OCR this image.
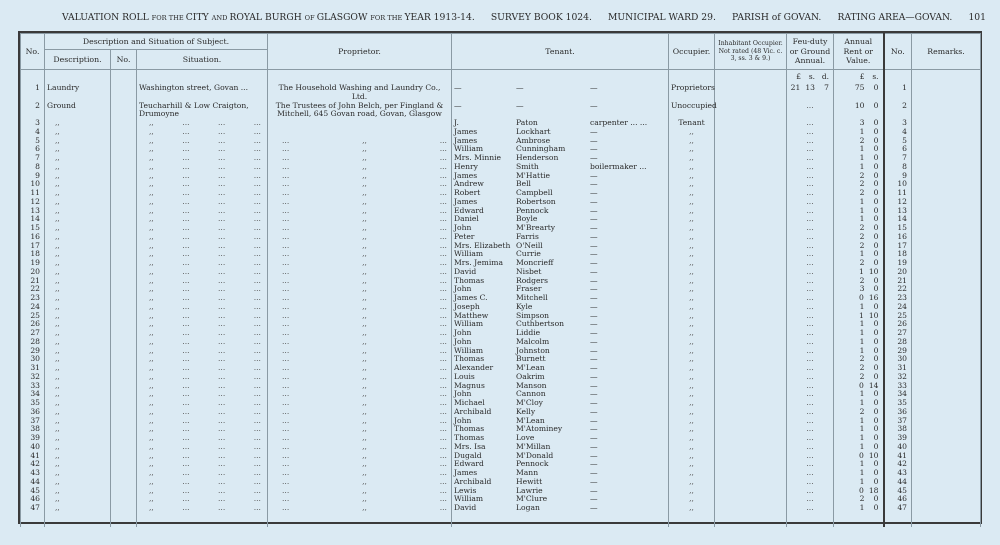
VALUATION ROLL FOR THE CITY AND ROYAL BURGH OF GLASGOW FOR THE YEAR 1913-14. SURVEY BOOK 1024. MUNICIPAL WARD 29. PARISH of GOVAN. RATING AREA—GOVAN. 101
No.	Description and Situation of Subject.			Proprietor.	Tenant.	Occupier.	Inhabitant Occupier. Not rated (48 Vic. c. 3, ss. 3 & 9.)	Feu-duty or Ground Annual.	Annual Rent or Value.	No.	Remarks.
	Description.	No.	Situation.								

								£ s. d.	£ s.		

1	Laundry		Washington street, Govan ...	The Household Washing and Laundry Co., Ltd.	— — —	Proprietors		21 13 7	75 0	1	
2	Ground		Teucharhill & Low Craigton, Drumoyne	The Trustees of John Belch, per Fingland & Mitchell, 645 Govan road, Govan, Glasgow	— — —	Unoccupied		...	10 0	2	
3	,,		,, ... ... ...		J. Paton carpenter ... ...	Tenant		...	3 0	3	
4	,,		,, ... ... ...		James Lockhart —	,,		...	1 0	4	
5	,,		,, ... ... ...	... ,, ...	James Ambrose —	,,		...	2 0	5	
6	,,		,, ... ... ...	... ,, ...	William Cunningham —	,,		...	1 0	6	
7	,,		,, ... ... ...	... ,, ...	Mrs. Minnie Henderson —	,,		...	1 0	7	
8	,,		,, ... ... ...	... ,, ...	Henry Smith boilermaker ...	,,		...	1 0	8	
9	,,		,, ... ... ...	... ,, ...	James M'Hattie —	,,		...	2 0	9	
10	,,		,, ... ... ...	... ,, ...	Andrew Bell —	,,		...	2 0	10	
11	,,		,, ... ... ...	... ,, ...	Robert Campbell —	,,		...	2 0	11	
12	,,		,, ... ... ...	... ,, ...	James Robertson —	,,		...	1 0	12	
13	,,		,, ... ... ...	... ,, ...	Edward Pennock —	,,		...	1 0	13	
14	,,		,, ... ... ...	... ,, ...	Daniel Boyle —	,,		...	1 0	14	
15	,,		,, ... ... ...	... ,, ...	John M'Brearty —	,,		...	2 0	15	
16	,,		,, ... ... ...	... ,, ...	Peter Farris —	,,		...	2 0	16	
17	,,		,, ... ... ...	... ,, ...	Mrs. Elizabeth O'Neill —	,,		...	2 0	17	
18	,,		,, ... ... ...	... ,, ...	William Currie —	,,		...	1 0	18	
19	,,		,, ... ... ...	... ,, ...	Mrs. Jemima Moncrieff —	,,		...	2 0	19	
20	,,		,, ... ... ...	... ,, ...	David Nisbet —	,,		...	1 10	20	
21	,,		,, ... ... ...	... ,, ...	Thomas Rodgers —	,,		...	2 0	21	
22	,,		,, ... ... ...	... ,, ...	John Fraser —	,,		...	3 0	22	
23	,,		,, ... ... ...	... ,, ...	James C. Mitchell —	,,		...	0 16	23	
24	,,		,, ... ... ...	... ,, ...	Joseph Kyle —	,,		...	1 0	24	
25	,,		,, ... ... ...	... ,, ...	Matthew Simpson —	,,		...	1 10	25	
26	,,		,, ... ... ...	... ,, ...	William Cuthbertson —	,,		...	1 0	26	
27	,,		,, ... ... ...	... ,, ...	John Liddie —	,,		...	1 0	27	
28	,,		,, ... ... ...	... ,, ...	John Malcolm —	,,		...	1 0	28	
29	,,		,, ... ... ...	... ,, ...	William Johnston —	,,		...	1 0	29	
30	,,		,, ... ... ...	... ,, ...	Thomas Burnett —	,,		...	2 0	30	
31	,,		,, ... ... ...	... ,, ...	Alexander M'Lean —	,,		...	2 0	31	
32	,,		,, ... ... ...	... ,, ...	Louis Oakrim —	,,		...	2 0	32	
33	,,		,, ... ... ...	... ,, ...	Magnus Manson —	,,		...	0 14	33	
34	,,		,, ... ... ...	... ,, ...	John Cannon —	,,		...	1 0	34	
35	,,		,, ... ... ...	... ,, ...	Michael M'Cloy —	,,		...	1 0	35	
36	,,		,, ... ... ...	... ,, ...	Archibald Kelly —	,,		...	2 0	36	
37	,,		,, ... ... ...	... ,, ...	John M'Lean —	,,		...	1 0	37	
38	,,		,, ... ... ...	... ,, ...	Thomas M'Atominey —	,,		...	1 0	38	
39	,,		,, ... ... ...	... ,, ...	Thomas Love —	,,		...	1 0	39	
40	,,		,, ... ... ...	... ,, ...	Mrs. Isa M'Millan —	,,		...	1 0	40	
41	,,		,, ... ... ...	... ,, ...	Dugald M'Donald —	,,		...	0 10	41	
42	,,		,, ... ... ...	... ,, ...	Edward Pennock —	,,		...	1 0	42	
43	,,		,, ... ... ...	... ,, ...	James Mann —	,,		...	1 0	43	
44	,,		,, ... ... ...	... ,, ...	Archibald Hewitt —	,,		...	1 0	44	
45	,,		,, ... ... ...	... ,, ...	Lewis Lawrie —	,,		...	0 18	45	
46	,,		,, ... ... ...	... ,, ...	William M'Clure —	,,		...	2 0	46	
47	,,		,, ... ... ...	... ,, ...	David Logan —	,,		...	1 0	47	
